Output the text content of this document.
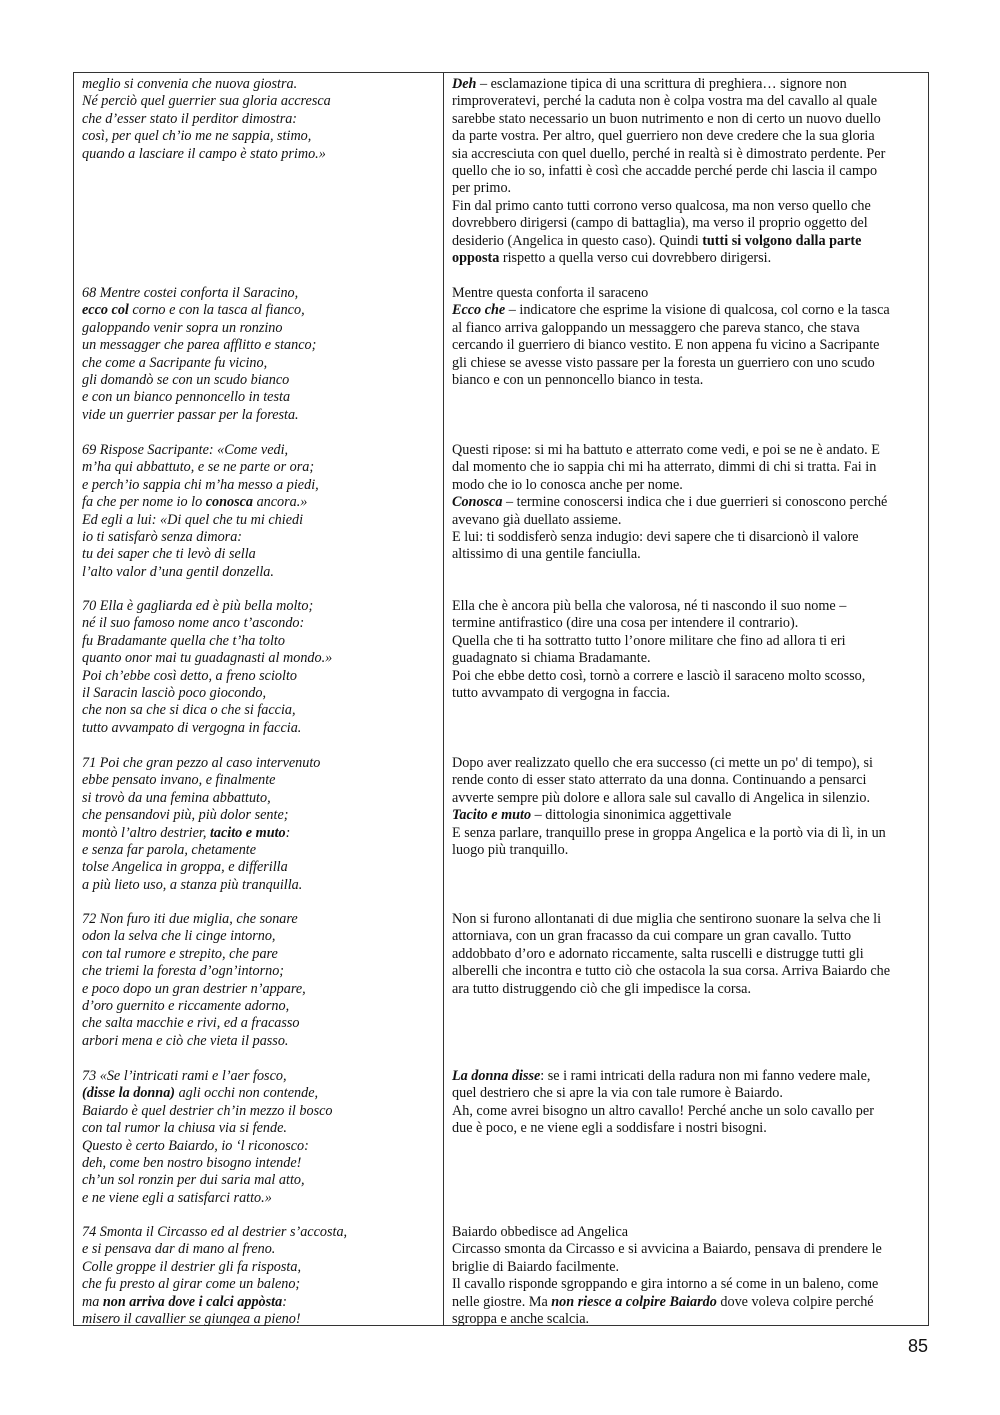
meglio si convenia che nuova giostra.
Né perciò quel guerrier sua gloria accresca
che d’esser stato il perditor dimostra:
così, per quel ch’io me ne sappia, stimo,
quando a lasciare il campo è stato primo.»
68 Mentre costei conforta il Saracino,
ecco col corno e con la tasca al fianco,
galoppando venir sopra un ronzino
un messagger che parea afflitto e stanco;
che come a Sacripante fu vicino,
gli domandò se con un scudo bianco
e con un bianco pennoncello in testa
vide un guerrier passar per la foresta.
69 Rispose Sacripante: «Come vedi,
m’ha qui abbattuto, e se ne parte or ora;
e perch’io sappia chi m’ha messo a piedi,
fa che per nome io lo conosca ancora.»
Ed egli a lui: «Di quel che tu mi chiedi
io ti satisfarò senza dimora:
tu dei saper che ti levò di sella
l’alto valor d’una gentil donzella.
70 Ella è gagliarda ed è più bella molto;
né il suo famoso nome anco t’ascondo:
fu Bradamante quella che t’ha tolto
quanto onor mai tu guadagnasti al mondo.»
Poi ch’ebbe così detto, a freno sciolto
il Saracin lasciò poco giocondo,
che non sa che si dica o che si faccia,
tutto avvampato di vergogna in faccia.
71 Poi che gran pezzo al caso intervenuto
ebbe pensato invano, e finalmente
si trovò da una femina abbattuto,
che pensandovi più, più dolor sente;
montò l’altro destrier, tacito e muto:
e senza far parola, chetamente
tolse Angelica in groppa, e differilla
a più lieto uso, a stanza più tranquilla.
72 Non furo iti due miglia, che sonare
odon la selva che li cinge intorno,
con tal rumore e strepito, che pare
che triemi la foresta d’ogn’intorno;
e poco dopo un gran destrier n’appare,
d’oro guernito e riccamente adorno,
che salta macchie e rivi, ed a fracasso
arbori mena e ciò che vieta il passo.
73 «Se l’intricati rami e l’aer fosco,
(disse la donna) agli occhi non contende,
Baiardo è quel destrier ch’in mezzo il bosco
con tal rumor la chiusa via si fende.
Questo è certo Baiardo, io ‘l riconosco:
deh, come ben nostro bisogno intende!
ch’un sol ronzin per dui saria mal atto,
e ne viene egli a satisfarci ratto.»
74 Smonta il Circasso ed al destrier s’accosta,
e si pensava dar di mano al freno.
Colle groppe il destrier gli fa risposta,
che fu presto al girar come un baleno;
ma non arriva dove i calci appòsta:
misero il cavallier se giungea a pieno!
Deh – esclamazione tipica di una scrittura di preghiera… signore non
rimproveratevi, perché la caduta non è colpa vostra ma del cavallo al quale
sarebbe stato necessario un buon nutrimento e non di certo un nuovo duello
da parte vostra. Per altro, quel guerriero non deve credere che la sua gloria
sia accresciuta con quel duello, perché in realtà si è dimostrato perdente. Per
quello che io so, infatti è così che accadde perché perde chi lascia il campo
per primo.
Fin dal primo canto tutti corrono verso qualcosa, ma non verso quello che
dovrebbero dirigersi (campo di battaglia), ma verso il proprio oggetto del
desiderio (Angelica in questo caso). Quindi tutti si volgono dalla parte
opposta rispetto a quella verso cui dovrebbero dirigersi.
Mentre questa conforta il saraceno
Ecco che – indicatore che esprime la visione di qualcosa, col corno e la tasca
al fianco arriva galoppando un messaggero che pareva stanco, che stava
cercando il guerriero di bianco vestito. E non appena fu vicino a Sacripante
gli chiese se avesse visto passare per la foresta un guerriero con uno scudo
bianco e con un pennoncello bianco in testa.
Questi ripose: si mi ha battuto e atterrato come vedi, e poi se ne è andato. E
dal momento che io sappia chi mi ha atterrato, dimmi di chi si tratta. Fai in
modo che io lo conosca anche per nome.
Conosca – termine conoscersi indica che i due guerrieri si conoscono perché
avevano già duellato assieme.
E lui: ti soddisferò senza indugio: devi sapere che ti disarcionò il valore
altissimo di una gentile fanciulla.
Ella che è ancora più bella che valorosa, né ti nascondo il suo nome –
termine antifrastico (dire una cosa per intendere il contrario).
Quella che ti ha sottratto tutto l’onore militare che fino ad allora ti eri
guadagnato si chiama Bradamante.
Poi che ebbe detto così, tornò a correre e lasciò il saraceno molto scosso,
tutto avvampato di vergogna in faccia.
Dopo aver realizzato quello che era successo (ci mette un po' di tempo), si
rende conto di esser stato atterrato da una donna. Continuando a pensarci
avverte sempre più dolore e allora sale sul cavallo di Angelica in silenzio.
Tacito e muto – dittologia sinonimica aggettivale
E senza parlare, tranquillo prese in groppa Angelica e la portò via di lì, in un
luogo più tranquillo.
Non si furono allontanati di due miglia che sentirono suonare la selva che li
attorniava, con un gran fracasso da cui compare un gran cavallo. Tutto
addobbato d’oro e adornato riccamente, salta ruscelli e distrugge tutti gli
alberelli che incontra e tutto ciò che ostacola la sua corsa. Arriva Baiardo che
ara tutto distruggendo ciò che gli impedisce la corsa.
La donna disse: se i rami intricati della radura non mi fanno vedere male,
quel destriero che si apre la via con tale rumore è Baiardo.
Ah, come avrei bisogno un altro cavallo! Perché anche un solo cavallo per
due è poco, e ne viene egli a soddisfare i nostri bisogni.
Baiardo obbedisce ad Angelica
Circasso smonta da Circasso e si avvicina a Baiardo, pensava di prendere le
briglie di Baiardo facilmente.
Il cavallo risponde sgroppando e gira intorno a sé come in un baleno, come
nelle giostre. Ma non riesce a colpire Baiardo dove voleva colpire perché
sgroppa e anche scalcia.
85
